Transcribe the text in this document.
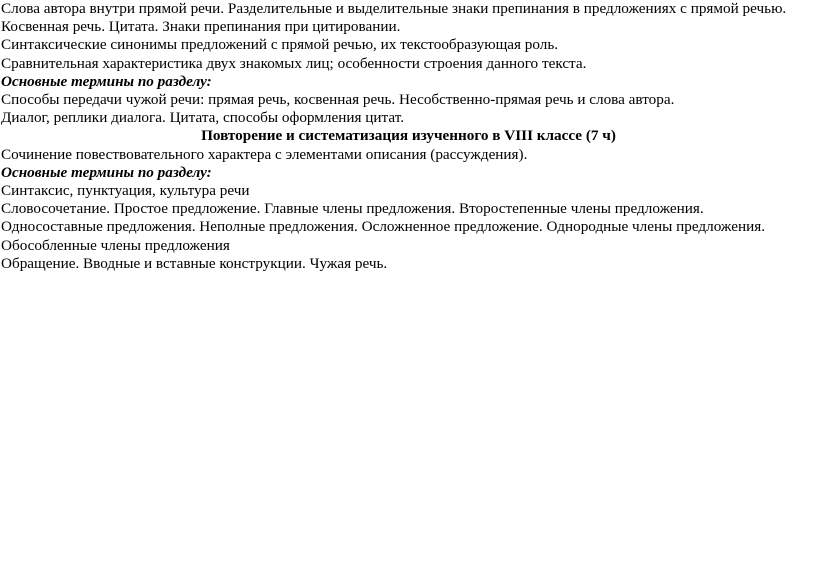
Слова автора внутри прямой речи. Разделительные и выделительные знаки препинания в предложениях с прямой речью. Косвенная речь. Цитата. Знаки препинания при цитировании.
Синтаксические синонимы предложений с прямой речью, их текстообразующая роль.
Сравнительная характеристика двух знакомых лиц; особенности строения данного текста.
Основные термины по разделу:
Способы передачи чужой речи: прямая речь, косвенная речь. Несобственно-прямая речь и слова автора.
Диалог, реплики диалога. Цитата, способы оформления цитат.
Повторение и систематизация изученного в VIII классе (7 ч)
Сочинение повествовательного характера с элементами описания (рассуждения).
Основные термины по разделу:
Синтаксис, пунктуация, культура речи
Словосочетание. Простое предложение. Главные члены предложения. Второстепенные члены предложения.
Односоставные предложения. Неполные предложения. Осложненное предложение. Однородные члены предложения.
Обособленные члены предложения
Обращение. Вводные и вставные конструкции. Чужая речь.
